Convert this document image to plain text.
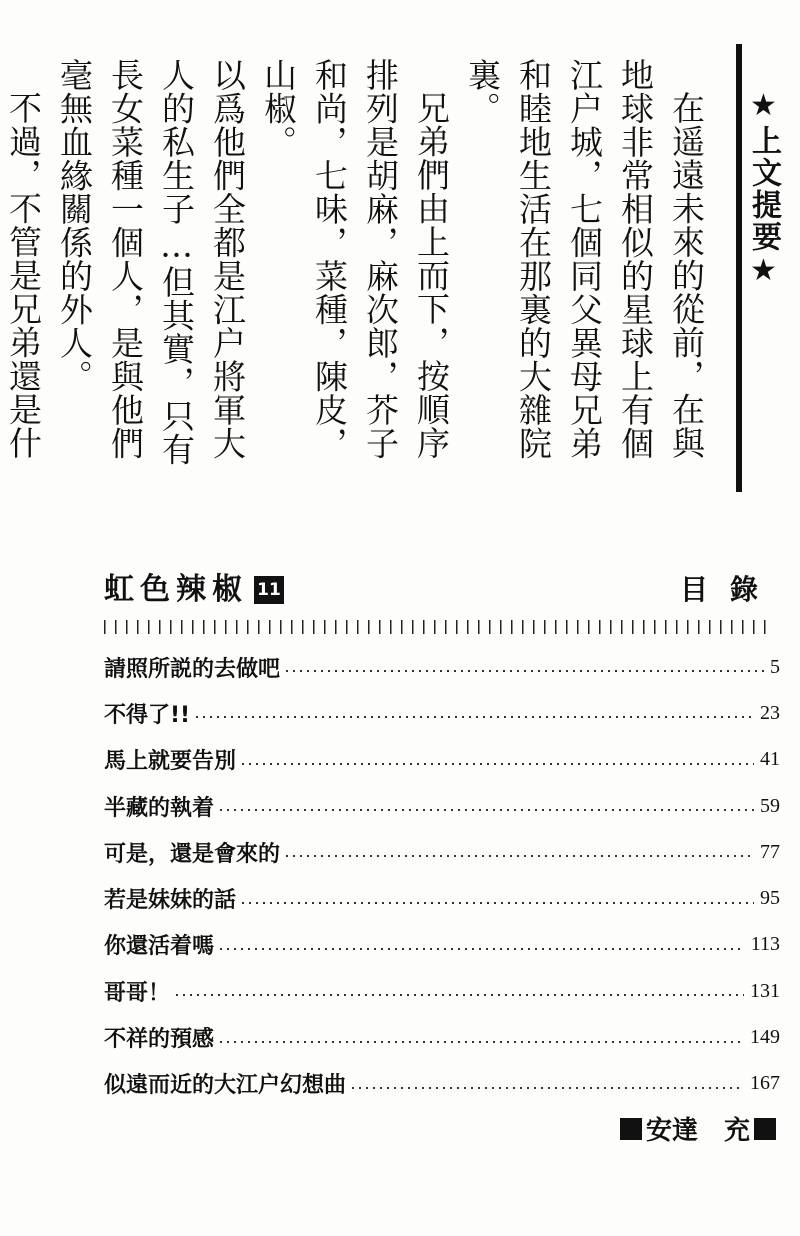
★上文提要★

在遥遠未來的從前，在與地球非常相似的星球上有個江户城，七個同父異母兄弟和睦地生活在那裏的大雜院裏。

兄弟們由上而下，按順序排列是胡麻，麻次郎，芥子和尚，七味，菜種，陳皮，山椒。

以爲他們全都是江户將軍大人的私生子…但其實，只有長女菜種一個人，是與他們毫無血緣關係的外人。

不過，不管是兄弟還是什

虹色辣椒 11	目錄
請照所説的去做吧	5
不得了!!	23
馬上就要告別	41
半藏的執着	59
可是，還是會來的	77
若是妹妹的話	95
你還活着嗎	113
哥哥！	131
不祥的預感	149
似遠而近的大江户幻想曲	167
安達　充
